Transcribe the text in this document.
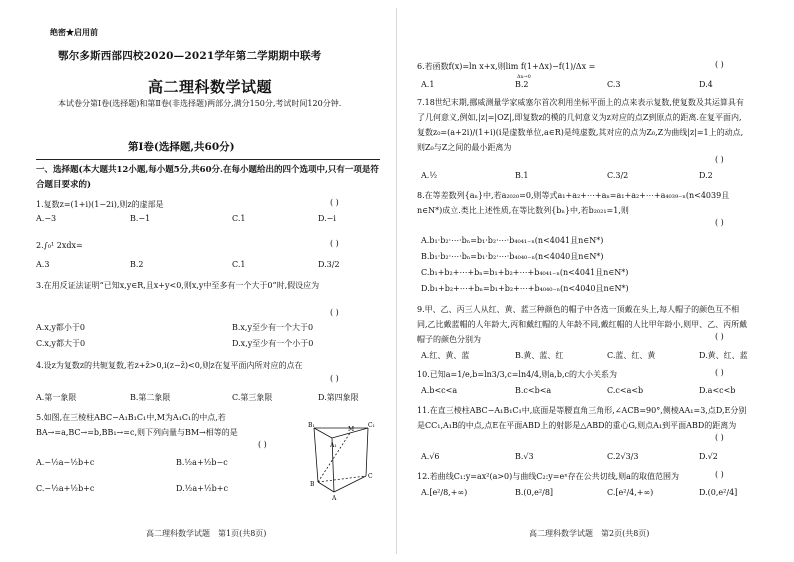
绝密★启用前
鄂尔多斯西部四校2020—2021学年第二学期期中联考
高二理科数学试题
本试卷分第Ⅰ卷(选择题)和第Ⅱ卷(非选择题)两部分,满分150分,考试时间120分钟.
第Ⅰ卷(选择题,共60分)
一、选择题(本大题共12小题,每小题5分,共60分.在每小题给出的四个选项中,只有一项是符合题目要求的)
1.复数z=(1+i)(1−2i),则z的虚部是	( )
A.−3	B.−1	C.1	D.−i
2.∫₀¹ 2xdx=	( )
A.3	B.2	C.1	D.3/2
3.在用反证法证明“已知x,y∈R,且x+y<0,则x,y中至多有一个大于0”时,假设应为
( )
A.x,y都小于0	B.x,y至少有一个大于0
C.x,y都大于0	D.x,y至少有一个小于0
4.设z为复数z的共轭复数,若z+z̄>0,i(z−z̄)<0,则z在复平面内所对应的点在
( )
A.第一象限	B.第二象限	C.第三象限	D.第四象限
5.如图,在三棱柱ABC−A₁B₁C₁中,M为A₁C₁的中点,若BA→=a,BC→=b,BB₁→=c,则下列向量与BM→相等的是
( )
A.−½a−½b+c	B.½a+½b−c
C.−½a+½b+c	D.½a+½b+c
B₁	C₁
A₁
M
B
C
A
高二理科数学试题　第1页(共8页)
6.若函数f(x)=ln x+x,则lim f(1+Δx)−f(1)/Δx =
Δx→0
( )
A.1	B.2	C.3	D.4
7.18世纪末期,挪威测量学家威塞尔首次利用坐标平面上的点来表示复数,使复数及其运算具有了几何意义,例如,|z|=|OZ|,即复数z的模的几何意义为z对应的点Z到原点的距离.在复平面内,复数z₀=(a+2i)/(1+i)(i是虚数单位,a∈R)是纯虚数,其对应的点为Z₀,Z为曲线|z|=1上的动点,则Z₀与Z之间的最小距离为
( )
A.½	B.1	C.3/2	D.2
8.在等差数列{aₙ}中,若a₂₀₂₀=0,则等式a₁+a₂+⋯+aₙ=a₁+a₂+⋯+a₄₀₃₉₋ₙ(n<4039且n∈N*)成立.类比上述性质,在等比数列{bₙ}中,若b₂₀₂₁=1,则
( )
A.b₁·b₂·⋯·bₙ=b₁·b₂·⋯·b₄₀₄₁₋ₙ(n<4041且n∈N*)
B.b₁·b₂·⋯·bₙ=b₁·b₂·⋯·b₄₀₄₀₋ₙ(n<4040且n∈N*)
C.b₁+b₂+⋯+bₙ=b₁+b₂+⋯+b₄₀₄₁₋ₙ(n<4041且n∈N*)
D.b₁+b₂+⋯+bₙ=b₁+b₂+⋯+b₄₀₄₀₋ₙ(n<4040且n∈N*)
9.甲、乙、丙三人从红、黄、蓝三种颜色的帽子中各选一顶戴在头上,每人帽子的颜色互不相同,乙比戴蓝帽的人年龄大,丙和戴红帽的人年龄不同,戴红帽的人比甲年龄小,则甲、乙、丙所戴帽子的颜色分别为	( )
A.红、黄、蓝	B.黄、蓝、红	C.蓝、红、黄	D.黄、红、蓝
10.已知a=1/e,b=ln3/3,c=ln4/4,则a,b,c的大小关系为	( )
A.b<c<a	B.c<b<a	C.c<a<b	D.a<c<b
11.在直三棱柱ABC−A₁B₁C₁中,底面是等腰直角三角形,∠ACB=90°,侧棱AA₁=3,点D,E分别是CC₁,A₁B的中点,点E在平面ABD上的射影是△ABD的重心G,则点A₁到平面ABD的距离为
( )
A.√6	B.√3	C.2√3/3	D.√2
12.若曲线C₁:y=ax²(a>0)与曲线C₂:y=eˣ存在公共切线,则a的取值范围为	( )
A.[e²/8,+∞)	B.(0,e²/8]	C.[e²/4,+∞)	D.(0,e²/4]
高二理科数学试题　第2页(共8页)
